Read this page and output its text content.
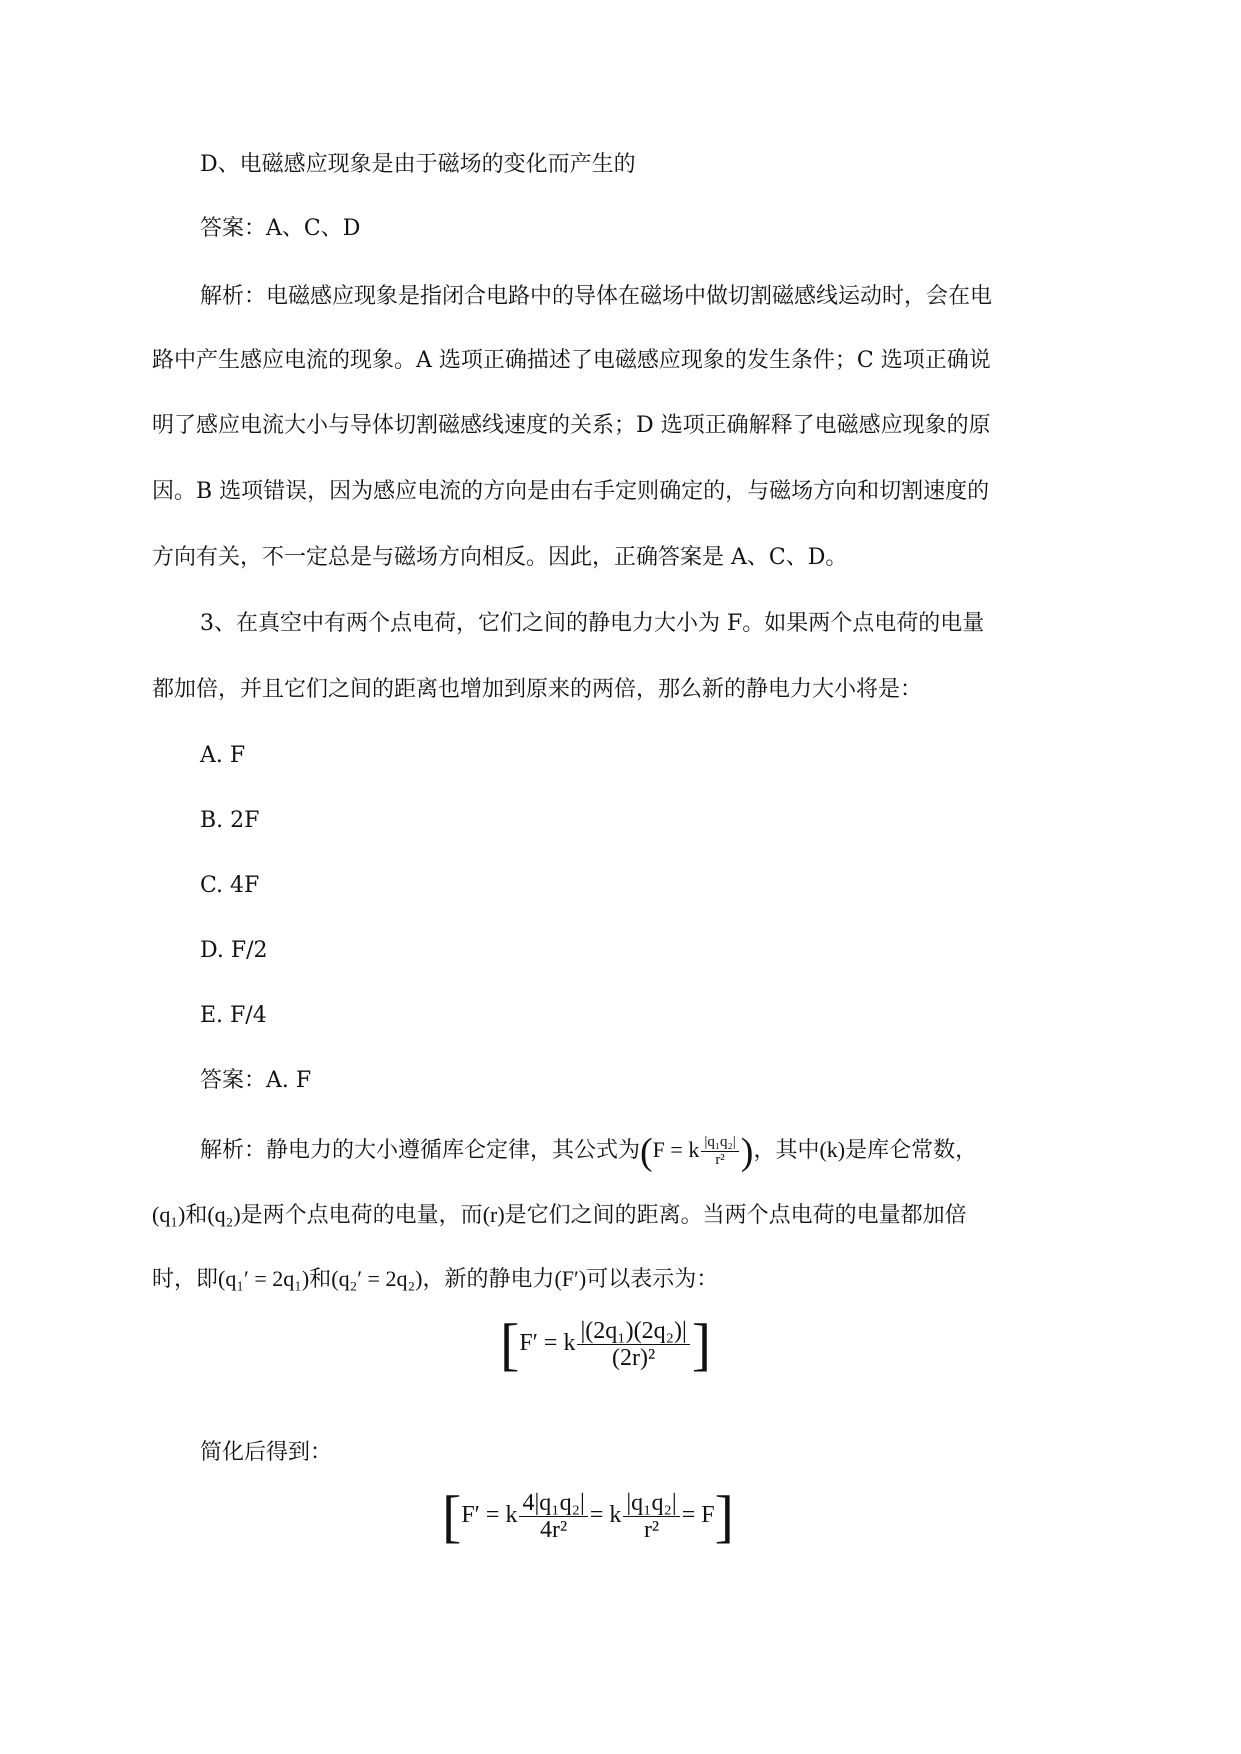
D、电磁感应现象是由于磁场的变化而产生的
答案：A、C、D
解析：电磁感应现象是指闭合电路中的导体在磁场中做切割磁感线运动时，会在电
路中产生感应电流的现象。A 选项正确描述了电磁感应现象的发生条件；C 选项正确说
明了感应电流大小与导体切割磁感线速度的关系；D 选项正确解释了电磁感应现象的原
因。B 选项错误，因为感应电流的方向是由右手定则确定的，与磁场方向和切割速度的
方向有关，不一定总是与磁场方向相反。因此，正确答案是 A、C、D。
3、在真空中有两个点电荷，它们之间的静电力大小为 F。如果两个点电荷的电量
都加倍，并且它们之间的距离也增加到原来的两倍，那么新的静电力大小将是：
A. F
B. 2F
C. 4F
D. F/2
E. F/4
答案：A. F
解析：静电力的大小遵循库仑定律，其公式为(F = k $\frac{\text{|q₁q₂|}}{\text{r²}}$ )，其中(k)是库仑常数，
(q₁)和(q₂)是两个点电荷的电量，而(r)是它们之间的距离。当两个点电荷的电量都加倍
时，即(q₁′ = 2q₁)和(q₂′ = 2q₂)，新的静电力(F′)可以表示为：
[F′ = k $\frac{\text{|(2q₁)(2q₂)|}}{\text{(2r)²}}$ ]
简化后得到：
[F′ = k $\frac{\text{4|q₁q₂|}}{\text{4r²}} = k \frac{\text{|q₁q₂|}}{\text{r²}} = F$]
